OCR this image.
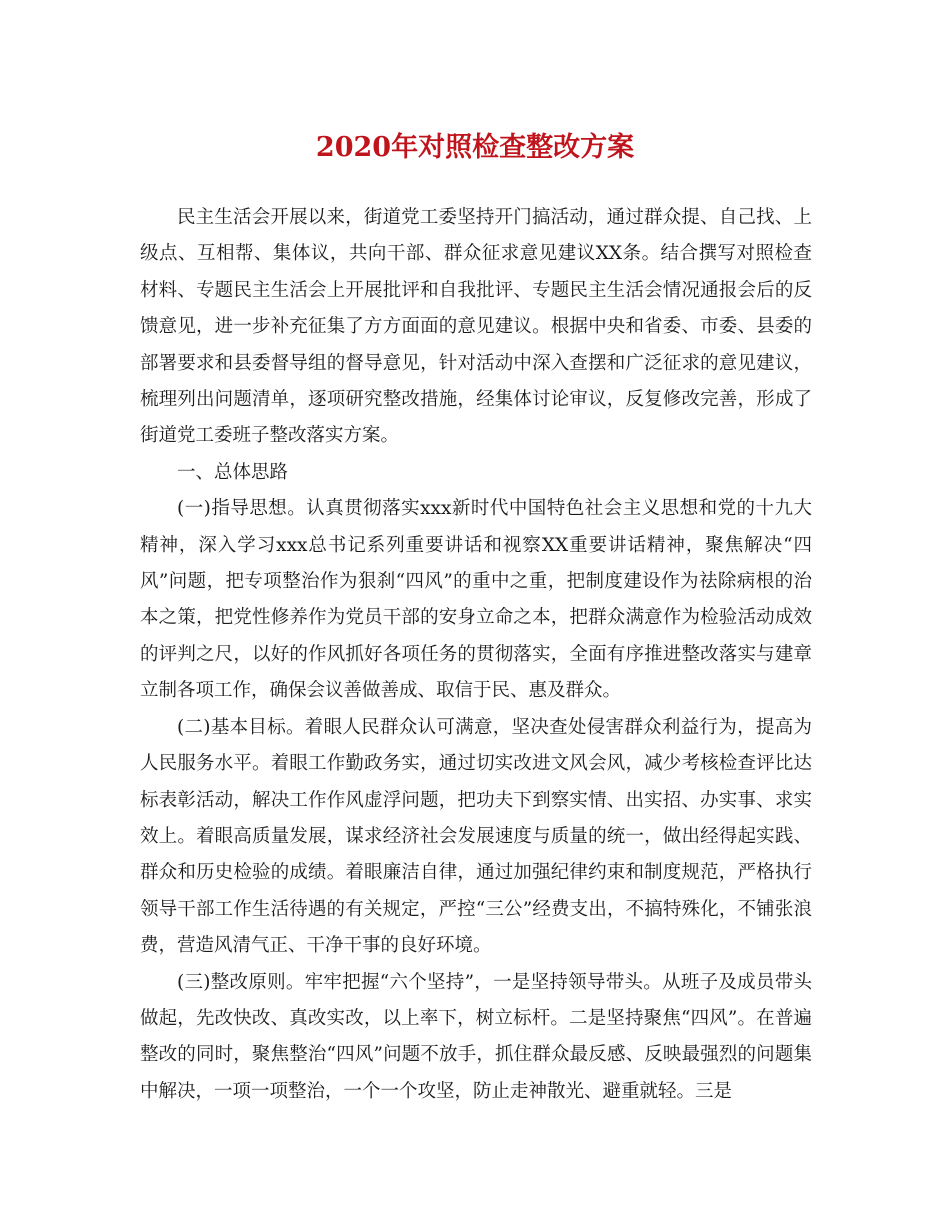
2020年对照检查整改方案

民主生活会开展以来，街道党工委坚持开门搞活动，通过群众提、自己找、上级点、互相帮、集体议，共向干部、群众征求意见建议XX条。结合撰写对照检查材料、专题民主生活会上开展批评和自我批评、专题民主生活会情况通报会后的反馈意见，进一步补充征集了方方面面的意见建议。根据中央和省委、市委、县委的部署要求和县委督导组的督导意见，针对活动中深入查摆和广泛征求的意见建议，梳理列出问题清单，逐项研究整改措施，经集体讨论审议，反复修改完善，形成了街道党工委班子整改落实方案。

一、总体思路

(一)指导思想。认真贯彻落实xxx新时代中国特色社会主义思想和党的十九大精神，深入学习xxx总书记系列重要讲话和视察XX重要讲话精神，聚焦解决“四风”问题，把专项整治作为狠刹“四风”的重中之重，把制度建设作为祛除病根的治本之策，把党性修养作为党员干部的安身立命之本，把群众满意作为检验活动成效的评判之尺，以好的作风抓好各项任务的贯彻落实，全面有序推进整改落实与建章立制各项工作，确保会议善做善成、取信于民、惠及群众。

(二)基本目标。着眼人民群众认可满意，坚决查处侵害群众利益行为，提高为人民服务水平。着眼工作勤政务实，通过切实改进文风会风，减少考核检查评比达标表彰活动，解决工作作风虚浮问题，把功夫下到察实情、出实招、办实事、求实效上。着眼高质量发展，谋求经济社会发展速度与质量的统一，做出经得起实践、群众和历史检验的成绩。着眼廉洁自律，通过加强纪律约束和制度规范，严格执行领导干部工作生活待遇的有关规定，严控“三公”经费支出，不搞特殊化，不铺张浪费，营造风清气正、干净干事的良好环境。

(三)整改原则。牢牢把握“六个坚持”，一是坚持领导带头。从班子及成员带头做起，先改快改、真改实改，以上率下，树立标杆。二是坚持聚焦“四风”。在普遍整改的同时，聚焦整治“四风”问题不放手，抓住群众最反感、反映最强烈的问题集中解决，一项一项整治，一个一个攻坚，防止走神散光、避重就轻。三是
